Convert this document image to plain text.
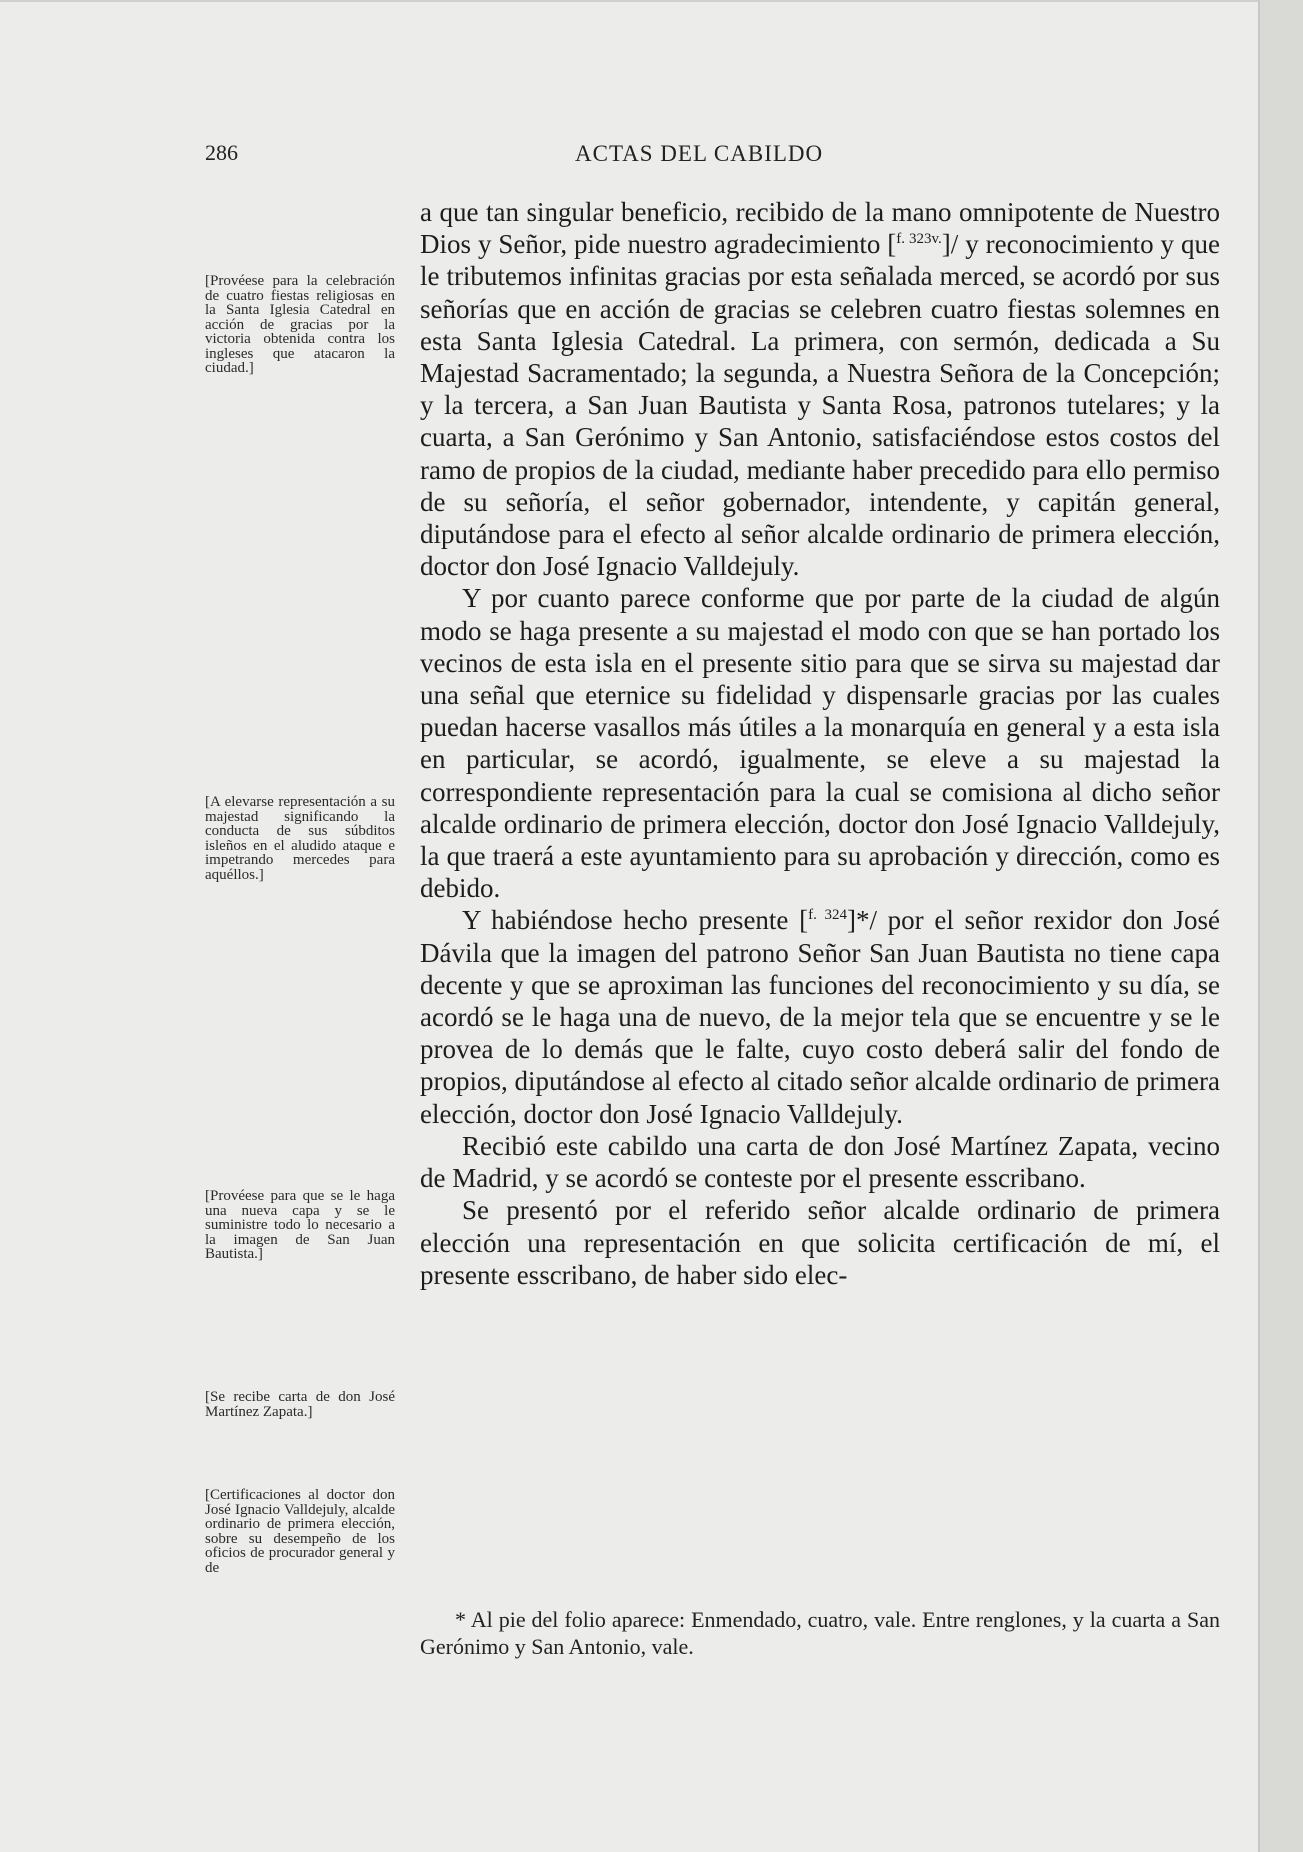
286	ACTAS DEL CABILDO
[Provéese para la celebración de cuatro fiestas religiosas en la Santa Iglesia Catedral en acción de gracias por la victoria obtenida contra los ingleses que atacaron la ciudad.]
[A elevarse representación a su majestad significando la conducta de sus súbditos isleños en el aludido ataque e impetrando mercedes para aquéllos.]
[Provéese para que se le haga una nueva capa y se le suministre todo lo necesario a la imagen de San Juan Bautista.]
[Se recibe carta de don José Martínez Zapata.]
[Certificaciones al doctor don José Ignacio Valldejuly, alcalde ordinario de primera elección, sobre su desempeño de los oficios de procurador general y de

a que tan singular beneficio, recibido de la mano omnipotente de Nuestro Dios y Señor, pide nuestro agradecimiento [$^{f. 323v.}$]/ y reconocimiento y que le tributemos infinitas gracias por esta señalada merced, se acordó por sus señorías que en acción de gracias se celebren cuatro fiestas solemnes en esta Santa Iglesia Catedral. La primera, con sermón, dedicada a Su Majestad Sacramentado; la segunda, a Nuestra Señora de la Concepción; y la tercera, a San Juan Bautista y Santa Rosa, patronos tutelares; y la cuarta, a San Gerónimo y San Antonio, satisfaciéndose estos costos del ramo de propios de la ciudad, mediante haber precedido para ello permiso de su señoría, el señor gobernador, intendente, y capitán general, diputándose para el efecto al señor alcalde ordinario de primera elección, doctor don José Ignacio Valldejuly.

Y por cuanto parece conforme que por parte de la ciudad de algún modo se haga presente a su majestad el modo con que se han portado los vecinos de esta isla en el presente sitio para que se sirva su majestad dar una señal que eternice su fidelidad y dispensarle gracias por las cuales puedan hacerse vasallos más útiles a la monarquía en general y a esta isla en particular, se acordó, igualmente, se eleve a su majestad la correspondiente representación para la cual se comisiona al dicho señor alcalde ordinario de primera elección, doctor don José Ignacio Valldejuly, la que traerá a este ayuntamiento para su aprobación y dirección, como es debido.

Y habiéndose hecho presente [$^{f. 324}$]*/ por el señor rexidor don José Dávila que la imagen del patrono Señor San Juan Bautista no tiene capa decente y que se aproximan las funciones del reconocimiento y su día, se acordó se le haga una de nuevo, de la mejor tela que se encuentre y se le provea de lo demás que le falte, cuyo costo deberá salir del fondo de propios, diputándose al efecto al citado señor alcalde ordinario de primera elección, doctor don José Ignacio Valldejuly.

Recibió este cabildo una carta de don José Martínez Zapata, vecino de Madrid, y se acordó se conteste por el presente esscribano.

Se presentó por el referido señor alcalde ordinario de primera elección una representación en que solicita certificación de mí, el presente esscribano, de haber sido elec-

* Al pie del folio aparece: Enmendado, cuatro, vale. Entre renglones, y la cuarta a San Gerónimo y San Antonio, vale.
